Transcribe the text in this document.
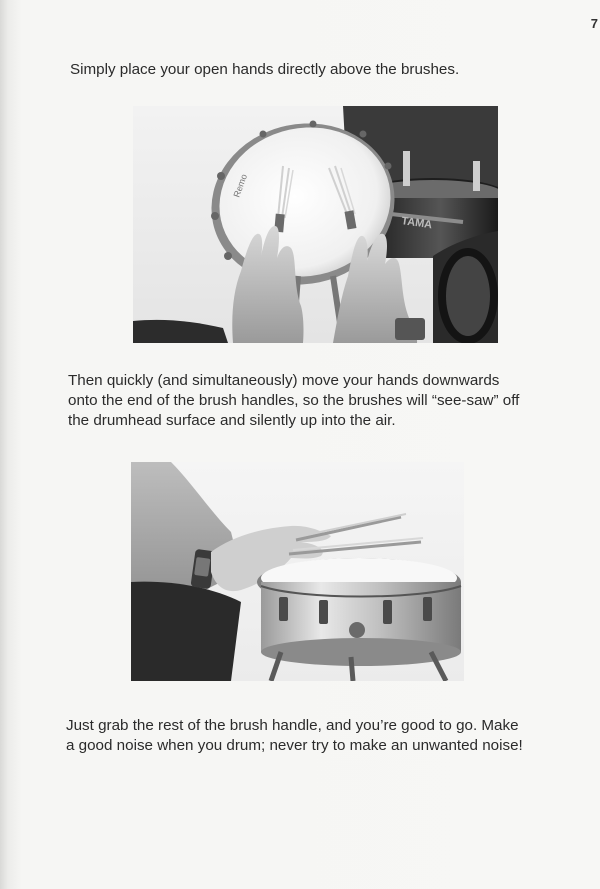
7

Simply place your open hands directly above the brushes.

TAMA
Remo

Then quickly (and simultaneously) move your hands downwards
onto the end of the brush handles, so the brushes will “see-saw” off
the drumhead surface and silently up into the air.

Just grab the rest of the brush handle, and you’re good to go. Make
a good noise when you drum; never try to make an unwanted noise!
